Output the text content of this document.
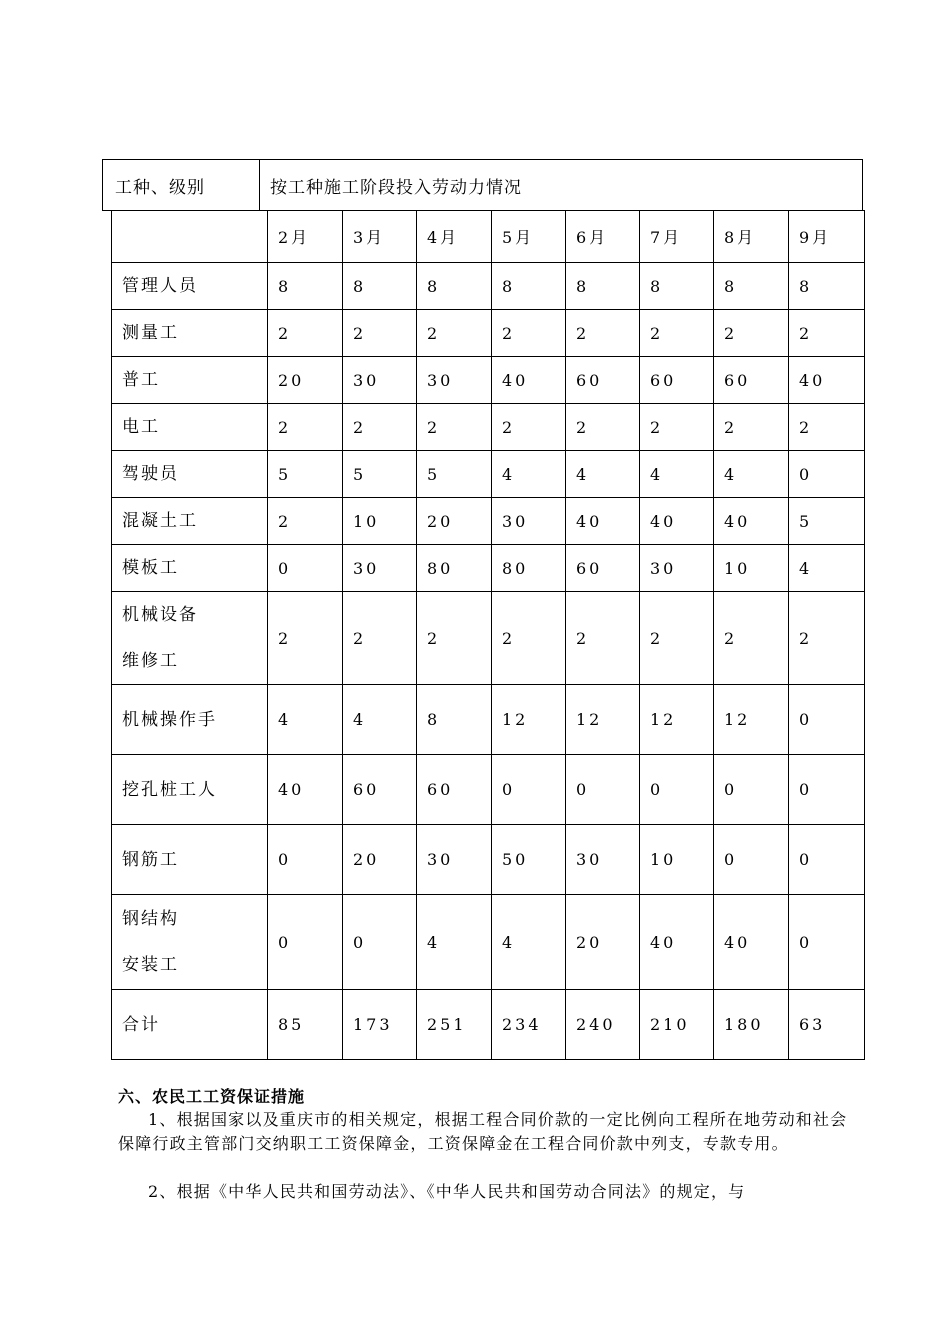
工种、级别	按工种施工阶段投入劳动力情况
	2月	3月	4月	5月	6月	7月	8月	9月

管理人员	8	8	8	8	8	8	8	8

测量工	2	2	2	2	2	2	2	2

普工	20	30	30	40	60	60	60	40

电工	2	2	2	2	2	2	2	2

驾驶员	5	5	5	4	4	4	4	0

混凝土工	2	10	20	30	40	40	40	5

模板工	0	30	80	80	60	30	10	4

机械设备
维修工	2	2	2	2	2	2	2	2

机械操作手	4	4	8	12	12	12	12	0

挖孔桩工人	40	60	60	0	0	0	0	0

钢筋工	0	20	30	50	30	10	0	0

钢结构
安装工	0	0	4	4	20	40	40	0

合计	85	173	251	234	240	210	180	63
六、农民工工资保证措施
1、根据国家以及重庆市的相关规定，根据工程合同价款的一定比例向工程所在地劳动和社会保障行政主管部门交纳职工工资保障金，工资保障金在工程合同价款中列支，专款专用。
2、根据《中华人民共和国劳动法》、《中华人民共和国劳动合同法》的规定，与
